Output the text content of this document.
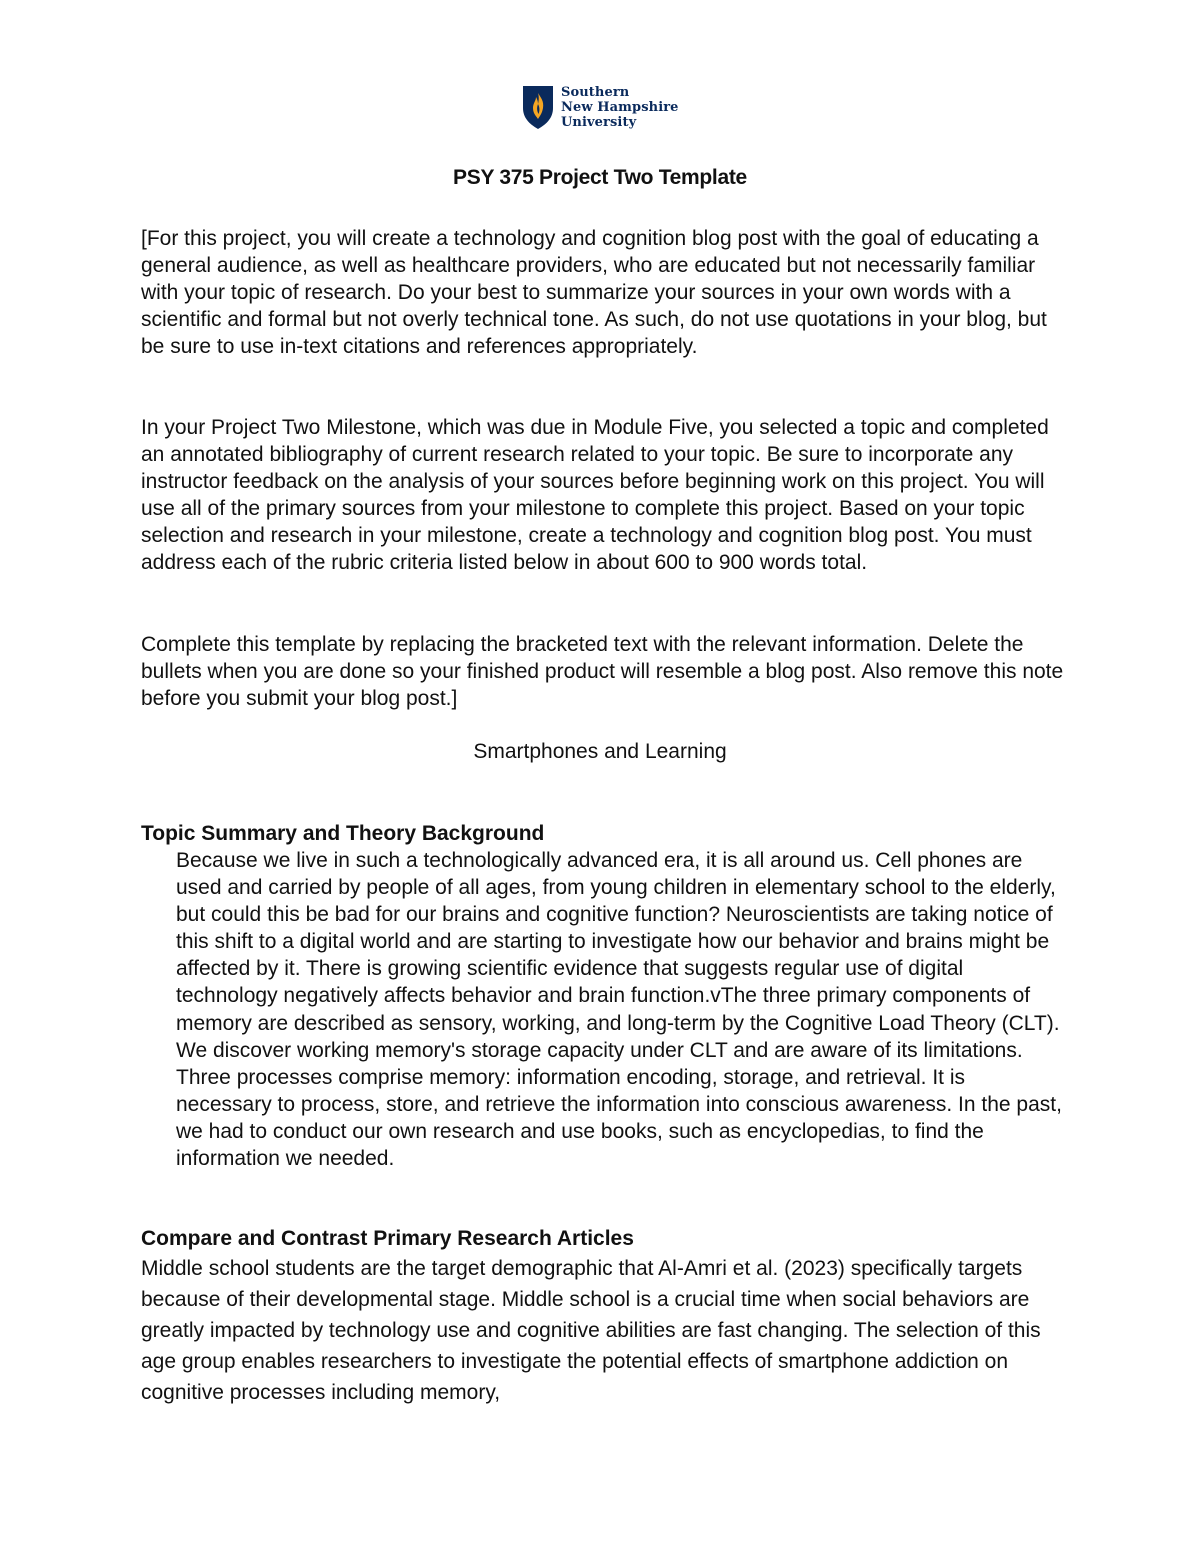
Southern
New Hampshire
University
PSY 375 Project Two Template

[For this project, you will create a technology and cognition blog post with the goal of educating a general audience, as well as healthcare providers, who are educated but not necessarily familiar with your topic of research. Do your best to summarize your sources in your own words with a scientific and formal but not overly technical tone. As such, do not use quotations in your blog, but be sure to use in-text citations and references appropriately.

In your Project Two Milestone, which was due in Module Five, you selected a topic and completed an annotated bibliography of current research related to your topic. Be sure to incorporate any instructor feedback on the analysis of your sources before beginning work on this project. You will use all of the primary sources from your milestone to complete this project. Based on your topic selection and research in your milestone, create a technology and cognition blog post. You must address each of the rubric criteria listed below in about 600 to 900 words total.

Complete this template by replacing the bracketed text with the relevant information. Delete the bullets when you are done so your finished product will resemble a blog post. Also remove this note before you submit your blog post.]

Smartphones and Learning
Topic Summary and Theory Background

Because we live in such a technologically advanced era, it is all around us. Cell phones are used and carried by people of all ages, from young children in elementary school to the elderly, but could this be bad for our brains and cognitive function? Neuroscientists are taking notice of this shift to a digital world and are starting to investigate how our behavior and brains might be affected by it. There is growing scientific evidence that suggests regular use of digital technology negatively affects behavior and brain function.vThe three primary components of memory are described as sensory, working, and long-term by the Cognitive Load Theory (CLT). We discover working memory's storage capacity under CLT and are aware of its limitations. Three processes comprise memory: information encoding, storage, and retrieval. It is necessary to process, store, and retrieve the information into conscious awareness. In the past, we had to conduct our own research and use books, such as encyclopedias, to find the information we needed.

Compare and Contrast Primary Research Articles

Middle school students are the target demographic that Al-Amri et al. (2023) specifically targets because of their developmental stage. Middle school is a crucial time when social behaviors are greatly impacted by technology use and cognitive abilities are fast changing. The selection of this age group enables researchers to investigate the potential effects of smartphone addiction on cognitive processes including memory,
